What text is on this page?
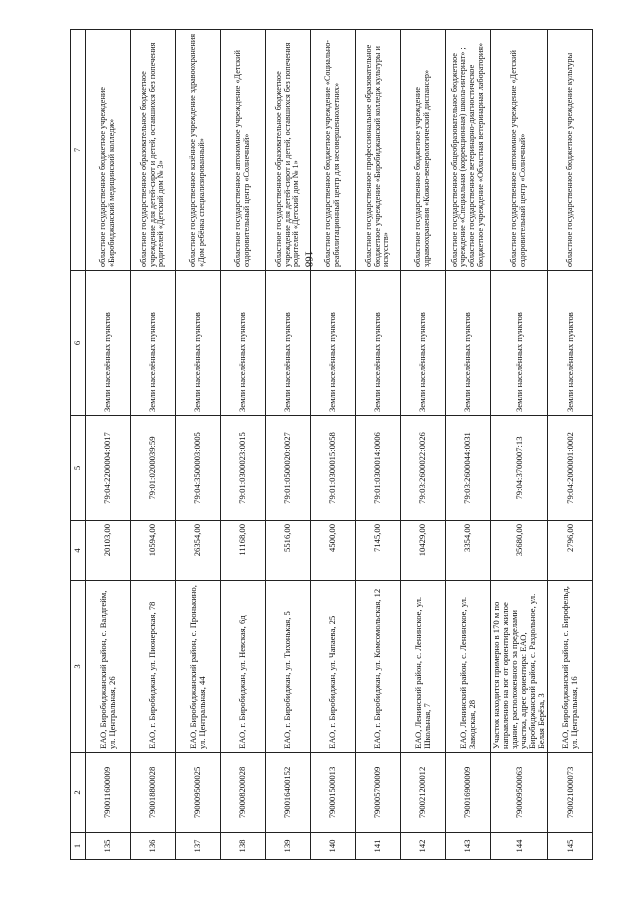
168
1	2	3	4	5	6	7
135	790011600009	ЕАО, Биробиджанский район, с. Валдгейм, ул. Центральная, 26	20103,00	79:04:2200004:0017	Земли населённых пунктов	областное государственное бюджетное учреждение «Биробиджанский медицинский колледж»
136	790018800028	ЕАО, г. Биробиджан, ул. Пионерская, 78	10594,00	79:01:0200039:59	Земли населённых пунктов	областное государственное образовательное бюджетное учреждение для детей-сирот и детей, оставшихся без попечения родителей «Детский дом № 3»
137	790009500025	ЕАО, Биробиджанский район, с. Пронькино, ул. Центральная, 44	26354,00	79:04:3500003:0005	Земли населённых пунктов	областное государственное казённое учреждение здравоохранения «Дом ребёнка специализированный»
138	790008200028	ЕАО, г. Биробиджан, ул. Невская, 6д	11168,00	79:01:0300023:0015	Земли населённых пунктов	областное государственное автономное учреждение «Детский оздоровительный центр «Солнечный»
139	790016400152	ЕАО, г. Биробиджан, ул. Тихонькая, 5	5516,00	79:01:0500020:0027	Земли населённых пунктов	областное государственное образовательное бюджетное учреждение для детей-сирот и детей, оставшихся без попечения родителей «Детский дом № 1»
140	790001500013	ЕАО, г. Биробиджан, ул. Чапаева, 25	4500,00	79:01:0300015:0058	Земли населённых пунктов	областное государственное бюджетное учреждение «Социально-реабилитационный центр для несовершеннолетних»
141	790005700009	ЕАО, г. Биробиджан, ул. Комсомольская, 12	7145,00	79:01:0300014:0006	Земли населённых пунктов	областное государственное профессиональное образовательное бюджетное учреждение «Биробиджанский колледж культуры и искусств»
142	790021200012	ЕАО, Ленинский район, с. Ленинское, ул. Школьная, 7	10429,00	79:03:2600022:0026	Земли населённых пунктов	областное государственное бюджетное учреждение здравоохранения «Кожно-венерологический диспансер»
143	790016900009	ЕАО, Ленинский район, с. Ленинское, ул. Заводская, 28	3354,00	79:03:2600044:0031	Земли населённых пунктов	областное государственное общеобразовательное бюджетное учреждение «Специальная (коррекционная) школа-интернат» ; областное государственное ветеринарно-диагностическое бюджетное учреждение «Областная ветеринарная лаборатория»
144	790009500063	Участок находится примерно в 170 м по направлению на юг от ориентира жилое здание, расположенного за пределами участка, адрес ориентира: ЕАО, Биробиджанский район, с. Раздольное, ул. Белая Берёза, 3	35680,00	79:04:3700007:13	Земли населённых пунктов	областное государственное автономное учреждение «Детский оздоровительный центр «Солнечный»
145	790021000073	ЕАО, Биробиджанский район, с. Бирофельд, ул. Центральная, 16	2796,00	79:04:2000001:0002	Земли населённых пунктов	областное государственное бюджетное учреждение культуры
